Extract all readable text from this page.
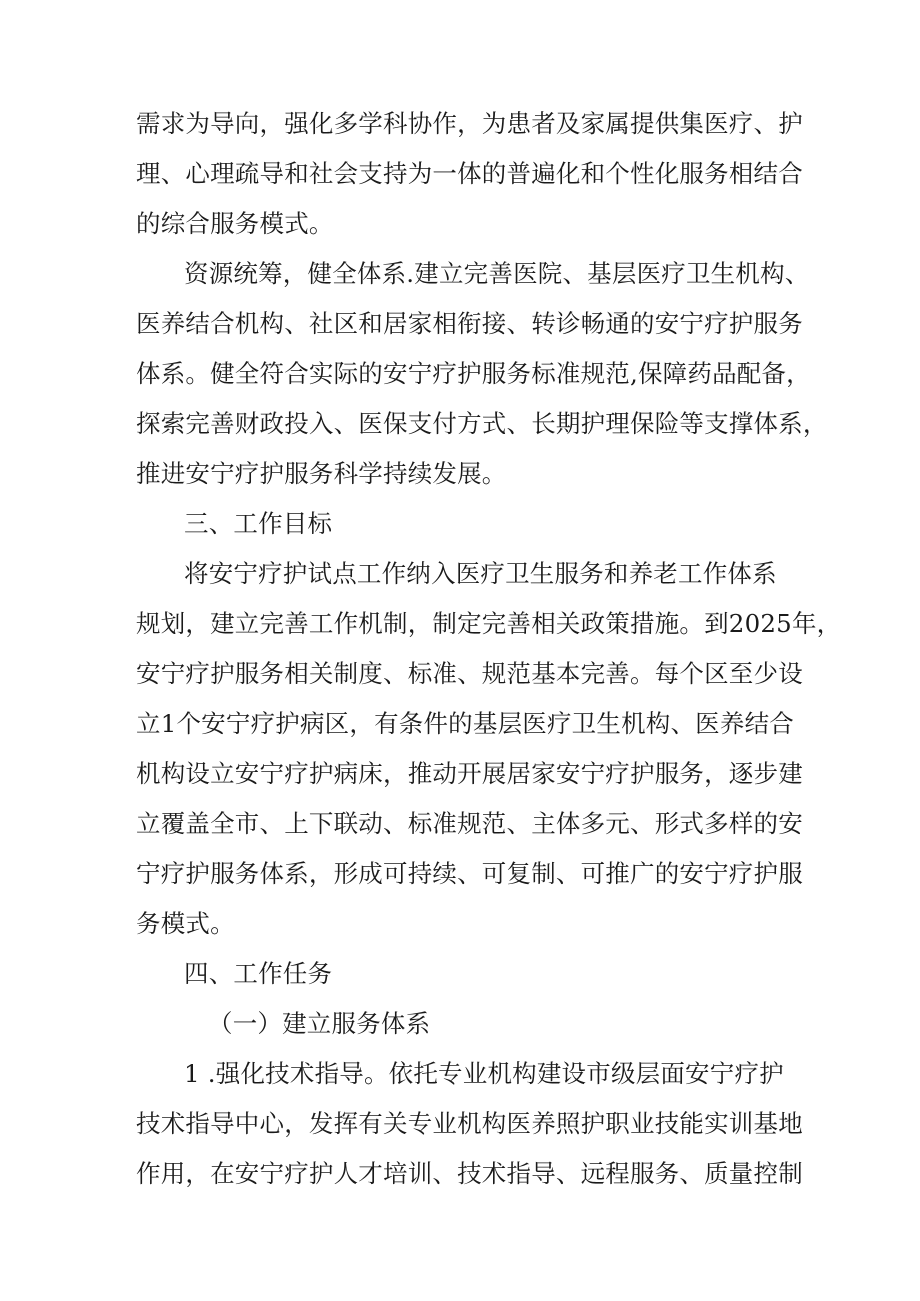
需求为导向，强化多学科协作，为患者及家属提供集医疗、护
理、心理疏导和社会支持为一体的普遍化和个性化服务相结合
的综合服务模式。
资源统筹，健全体系.建立完善医院、基层医疗卫生机构、
医养结合机构、社区和居家相衔接、转诊畅通的安宁疗护服务
体系。健全符合实际的安宁疗护服务标准规范,保障药品配备，
探索完善财政投入、医保支付方式、长期护理保险等支撑体系，
推进安宁疗护服务科学持续发展。
三、工作目标
将安宁疗护试点工作纳入医疗卫生服务和养老工作体系
规划，建立完善工作机制，制定完善相关政策措施。到2025年，
安宁疗护服务相关制度、标准、规范基本完善。每个区至少设
立1个安宁疗护病区，有条件的基层医疗卫生机构、医养结合
机构设立安宁疗护病床，推动开展居家安宁疗护服务，逐步建
立覆盖全市、上下联动、标准规范、主体多元、形式多样的安
宁疗护服务体系，形成可持续、可复制、可推广的安宁疗护服
务模式。
四、工作任务
（一）建立服务体系
1 .强化技术指导。依托专业机构建设市级层面安宁疗护
技术指导中心，发挥有关专业机构医养照护职业技能实训基地
作用，在安宁疗护人才培训、技术指导、远程服务、质量控制
